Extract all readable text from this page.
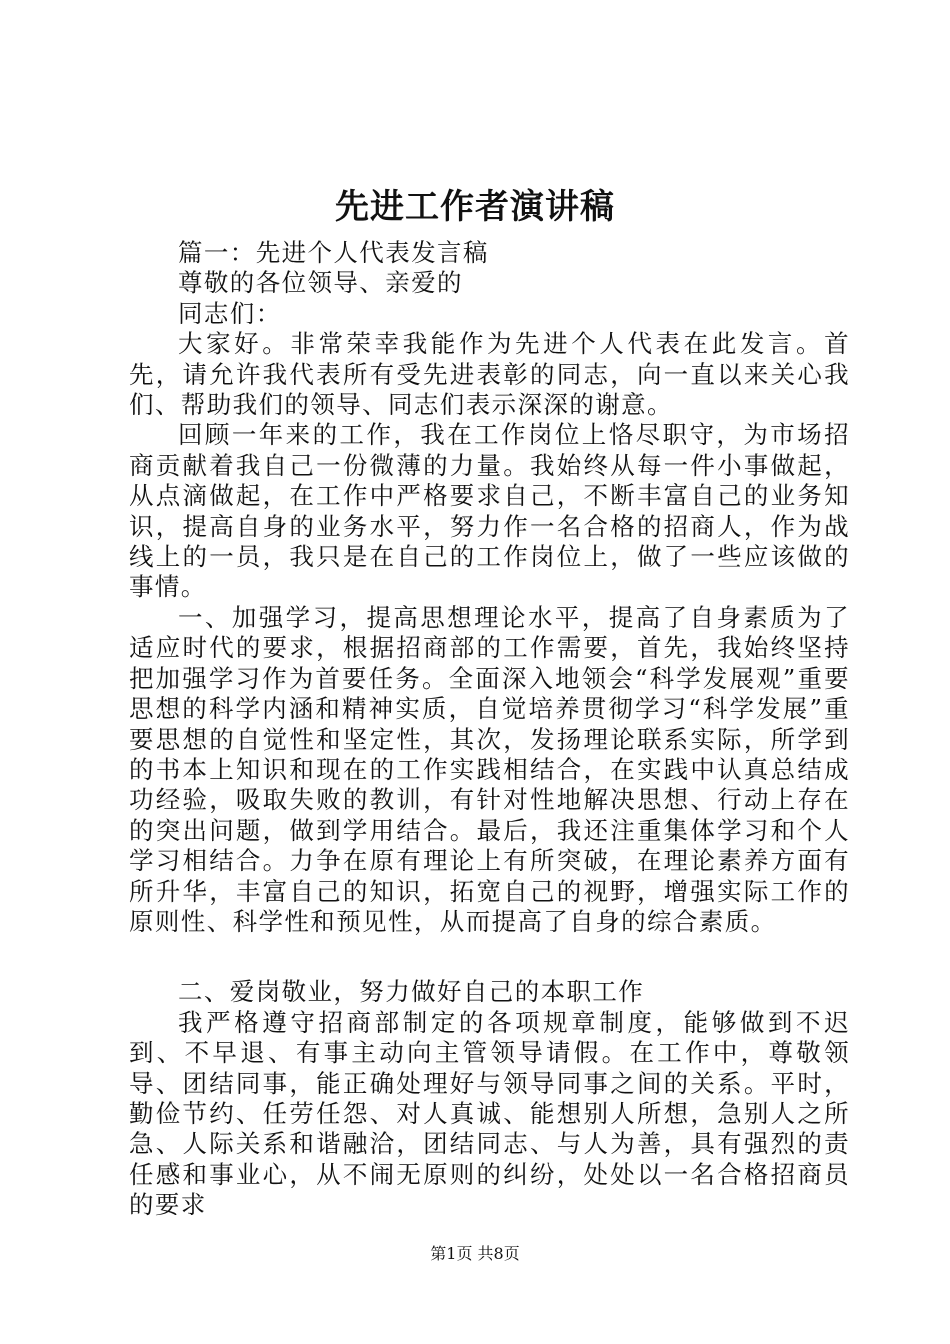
先进工作者演讲稿

篇一：先进个人代表发言稿

尊敬的各位领导、亲爱的

同志们：

大家好。非常荣幸我能作为先进个人代表在此发言。首先，请允许我代表所有受先进表彰的同志，向一直以来关心我们、帮助我们的领导、同志们表示深深的谢意。

回顾一年来的工作，我在工作岗位上恪尽职守，为市场招商贡献着我自己一份微薄的力量。我始终从每一件小事做起，从点滴做起，在工作中严格要求自己，不断丰富自己的业务知识，提高自身的业务水平，努力作一名合格的招商人，作为战线上的一员，我只是在自己的工作岗位上，做了一些应该做的事情。

一、加强学习，提高思想理论水平，提高了自身素质为了适应时代的要求，根据招商部的工作需要，首先，我始终坚持把加强学习作为首要任务。全面深入地领会“科学发展观”重要思想的科学内涵和精神实质，自觉培养贯彻学习“科学发展”重要思想的自觉性和坚定性，其次，发扬理论联系实际，所学到的书本上知识和现在的工作实践相结合，在实践中认真总结成功经验，吸取失败的教训，有针对性地解决思想、行动上存在的突出问题，做到学用结合。最后，我还注重集体学习和个人学习相结合。力争在原有理论上有所突破，在理论素养方面有所升华，丰富自己的知识，拓宽自己的视野，增强实际工作的原则性、科学性和预见性，从而提高了自身的综合素质。

二、爱岗敬业，努力做好自己的本职工作

我严格遵守招商部制定的各项规章制度，能够做到不迟到、不早退、有事主动向主管领导请假。在工作中，尊敬领导、团结同事，能正确处理好与领导同事之间的关系。平时，勤俭节约、任劳任怨、对人真诚、能想别人所想，急别人之所急、人际关系和谐融洽，团结同志、与人为善，具有强烈的责任感和事业心，从不闹无原则的纠纷，处处以一名合格招商员的要求

第1页 共8页
